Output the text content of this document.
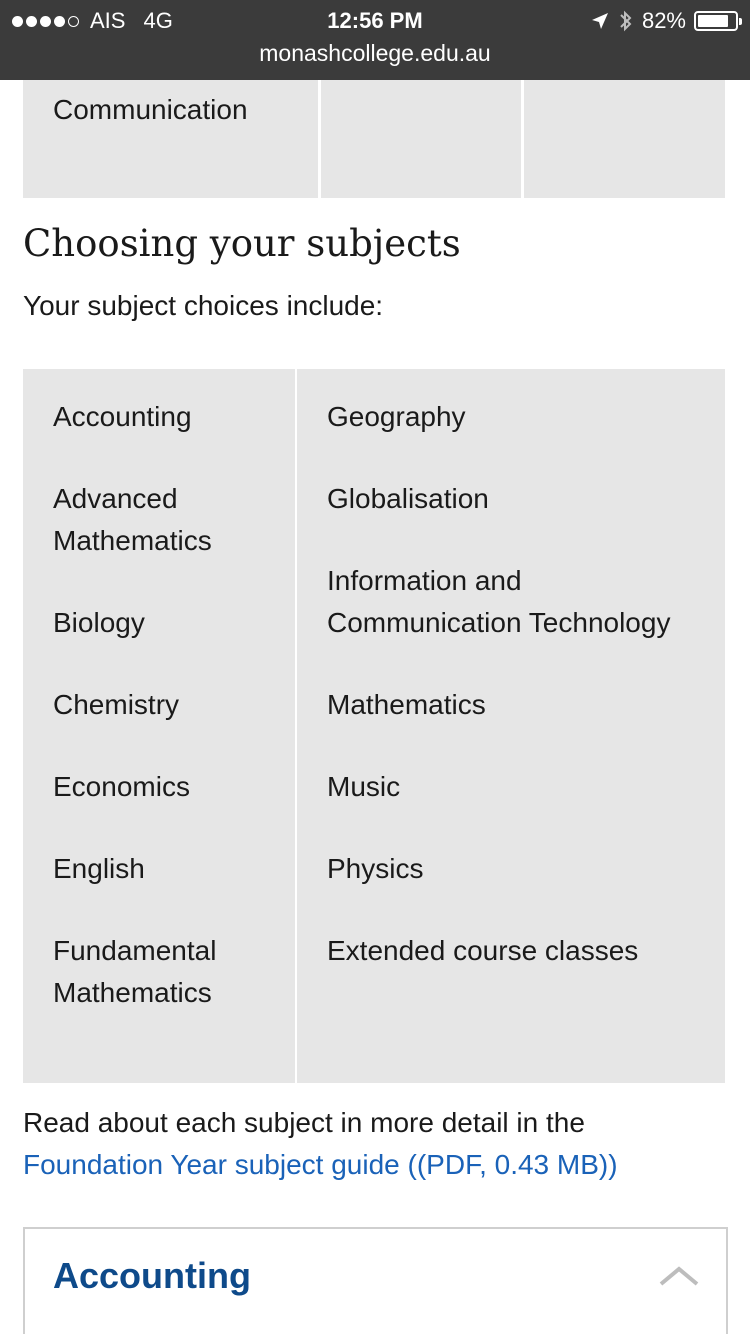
AIS 4G	12:56 PM	82%
monashcollege.edu.au
Communication
Choosing your subjects

Your subject choices include:

Accounting
Advanced
Mathematics
Biology
Chemistry
Economics
English
Fundamental
Mathematics
Geography
Globalisation
Information and
Communication Technology
Mathematics
Music
Physics
Extended course classes
Read about each subject in more detail in the
Foundation Year subject guide ((PDF, 0.43 MB))
Accounting
